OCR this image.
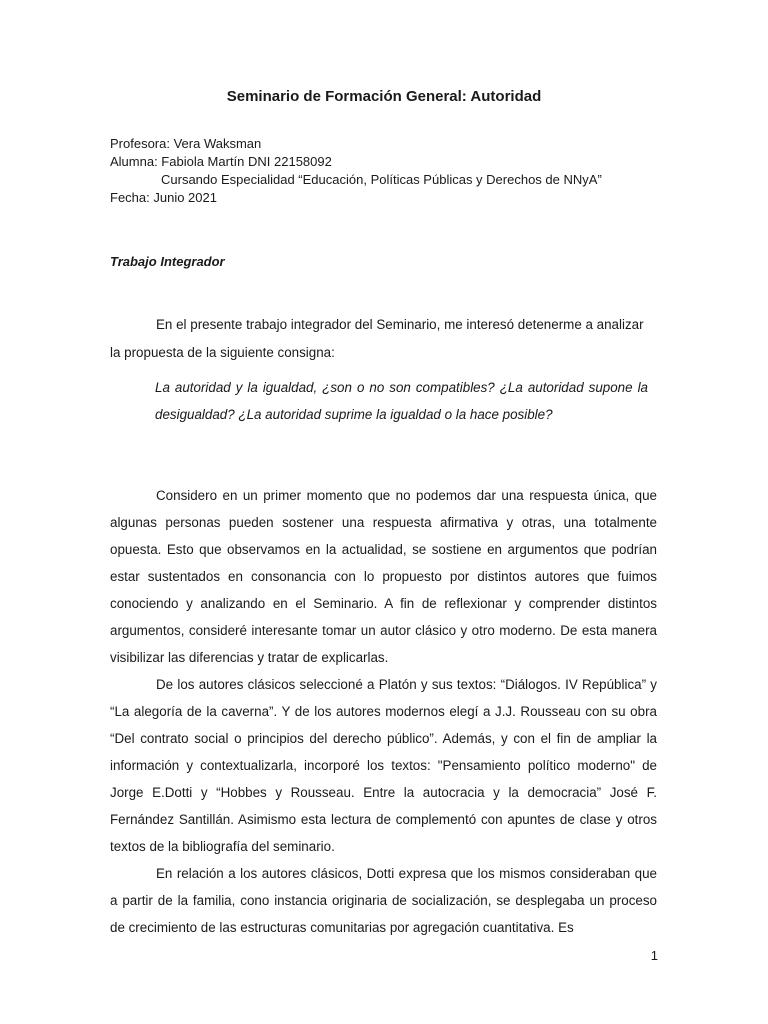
Seminario de Formación General: Autoridad
Profesora: Vera Waksman
Alumna: Fabiola Martín DNI 22158092
Cursando Especialidad “Educación, Políticas Públicas y Derechos de NNyA”
Fecha: Junio 2021
Trabajo Integrador

En el presente trabajo integrador del Seminario, me interesó detenerme a analizar la propuesta de la siguiente consigna:

La autoridad y la igualdad, ¿son o no son compatibles? ¿La autoridad supone la desigualdad? ¿La autoridad suprime la igualdad o la hace posible?

Considero en un primer momento que no podemos dar una respuesta única, que algunas personas pueden sostener una respuesta afirmativa y otras, una totalmente opuesta. Esto que observamos en la actualidad, se sostiene en argumentos que podrían estar sustentados en consonancia con lo propuesto por distintos autores que fuimos conociendo y analizando en el Seminario. A fin de reflexionar y comprender distintos argumentos, consideré interesante tomar un autor clásico y otro moderno. De esta manera visibilizar las diferencias y tratar de explicarlas.

De los autores clásicos seleccioné a Platón y sus textos: “Diálogos. IV República” y “La alegoría de la caverna”. Y de los autores modernos elegí a J.J. Rousseau con su obra “Del contrato social o principios del derecho público”. Además, y con el fin de ampliar la información y contextualizarla, incorporé los textos: "Pensamiento político moderno" de Jorge E.Dotti y “Hobbes y Rousseau. Entre la autocracia y la democracia” José F. Fernández Santillán. Asimismo esta lectura de complementó con apuntes de clase y otros textos de la bibliografía del seminario.

En relación a los autores clásicos, Dotti expresa que los mismos consideraban que a partir de la familia, cono instancia originaria de socialización, se desplegaba un proceso de crecimiento de las estructuras comunitarias por agregación cuantitativa. Es

1
